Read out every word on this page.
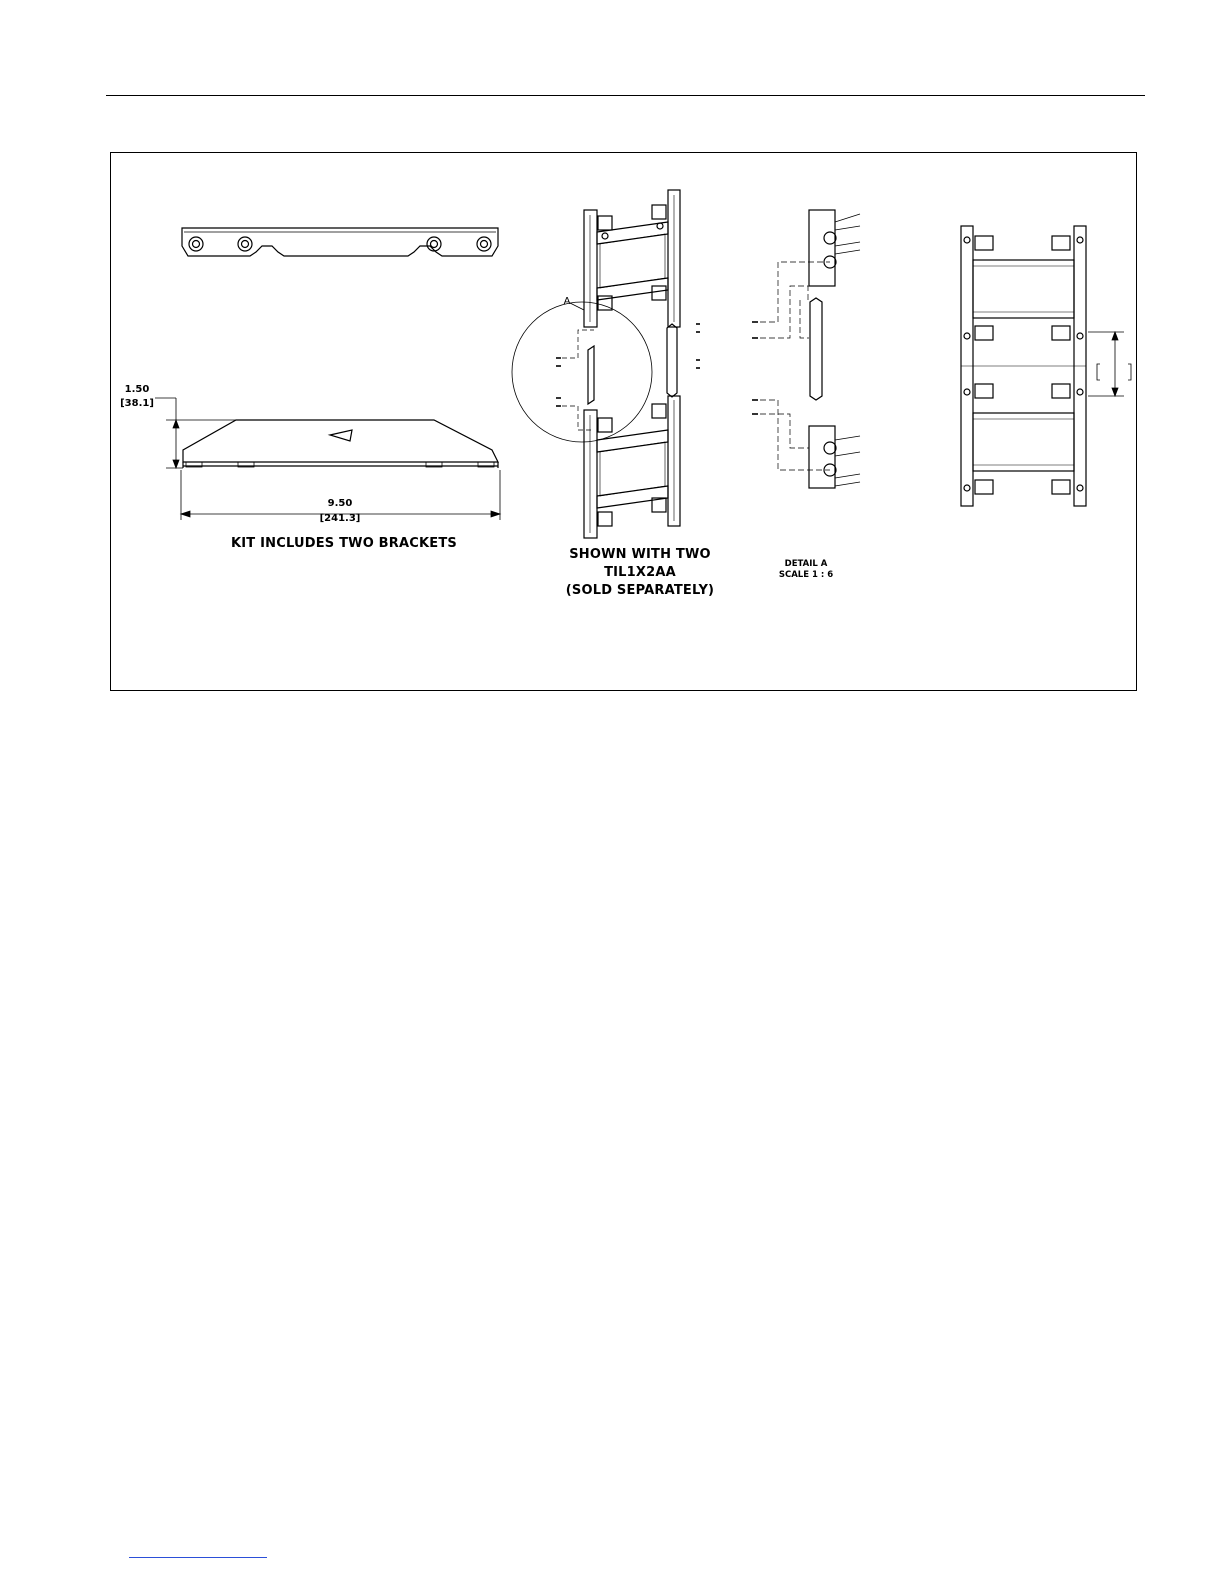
1.50
[38.1]
9.50
[241.3]
KIT INCLUDES TWO BRACKETS
SHOWN WITH TWO
TIL1X2AA
(SOLD SEPARATELY)
DETAIL A
SCALE 1 : 6
A
